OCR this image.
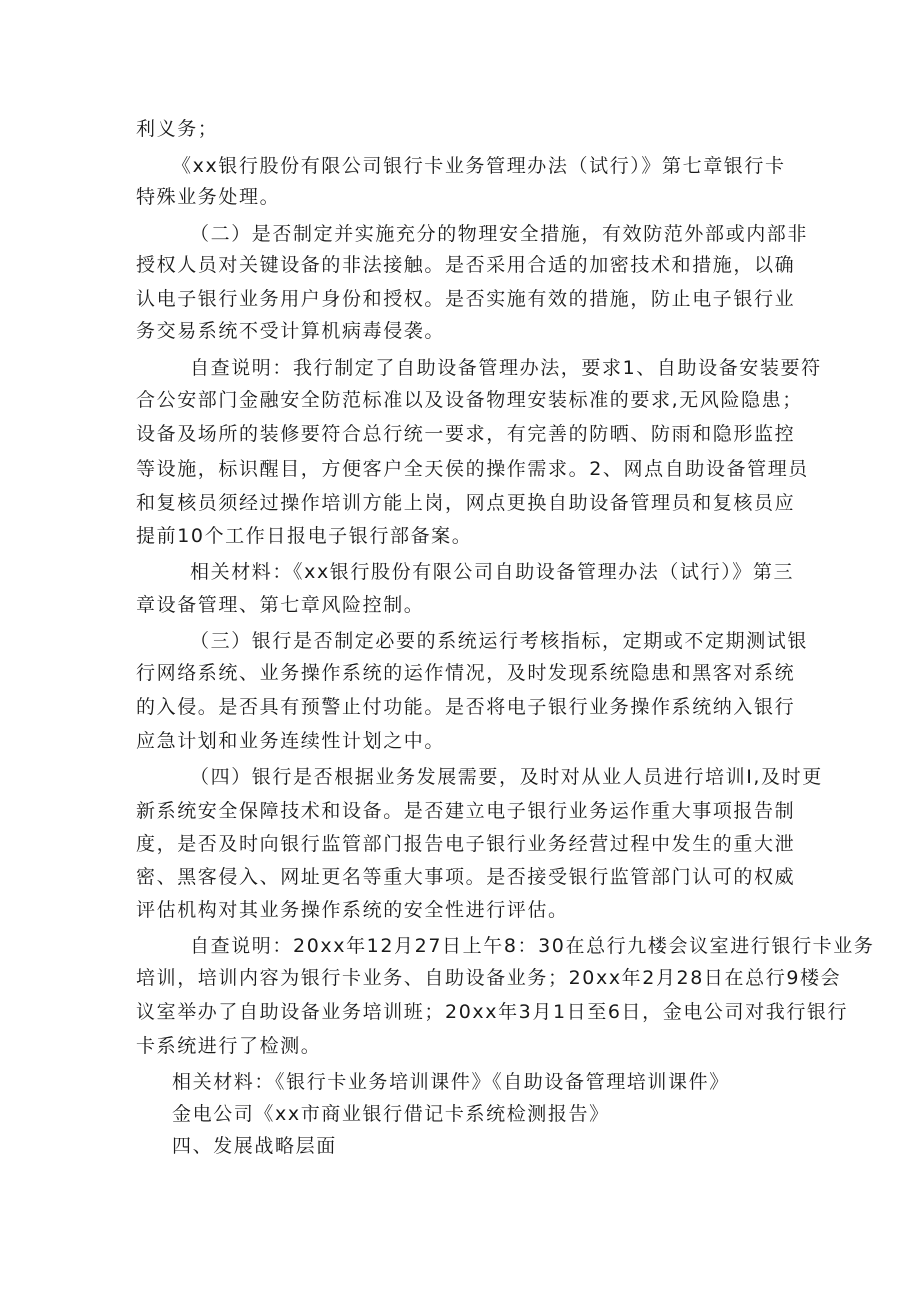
利义务；
《xx银行股份有限公司银行卡业务管理办法（试行）》第七章银行卡
特殊业务处理。
（二）是否制定并实施充分的物理安全措施，有效防范外部或内部非
授权人员对关键设备的非法接触。是否采用合适的加密技术和措施，以确
认电子银行业务用户身份和授权。是否实施有效的措施，防止电子银行业
务交易系统不受计算机病毒侵袭。
自查说明：我行制定了自助设备管理办法，要求1、自助设备安装要符
合公安部门金融安全防范标准以及设备物理安装标准的要求,无风险隐患；
设备及场所的装修要符合总行统一要求，有完善的防晒、防雨和隐形监控
等设施，标识醒目，方便客户全天侯的操作需求。2、网点自助设备管理员
和复核员须经过操作培训方能上岗，网点更换自助设备管理员和复核员应
提前10个工作日报电子银行部备案。
相关材料：《xx银行股份有限公司自助设备管理办法（试行）》第三
章设备管理、第七章风险控制。
（三）银行是否制定必要的系统运行考核指标，定期或不定期测试银
行网络系统、业务操作系统的运作情况，及时发现系统隐患和黑客对系统
的入侵。是否具有预警止付功能。是否将电子银行业务操作系统纳入银行
应急计划和业务连续性计划之中。
（四）银行是否根据业务发展需要，及时对从业人员进行培训I,及时更
新系统安全保障技术和设备。是否建立电子银行业务运作重大事项报告制
度，是否及时向银行监管部门报告电子银行业务经营过程中发生的重大泄
密、黑客侵入、网址更名等重大事项。是否接受银行监管部门认可的权威
评估机构对其业务操作系统的安全性进行评估。
自查说明：20xx年12月27日上午8：30在总行九楼会议室进行银行卡业务
培训，培训内容为银行卡业务、自助设备业务；20xx年2月28日在总行9楼会
议室举办了自助设备业务培训班；20xx年3月1日至6日，金电公司对我行银行
卡系统进行了检测。
相关材料：《银行卡业务培训课件》《自助设备管理培训课件》
金电公司《xx市商业银行借记卡系统检测报告》
四、发展战略层面
